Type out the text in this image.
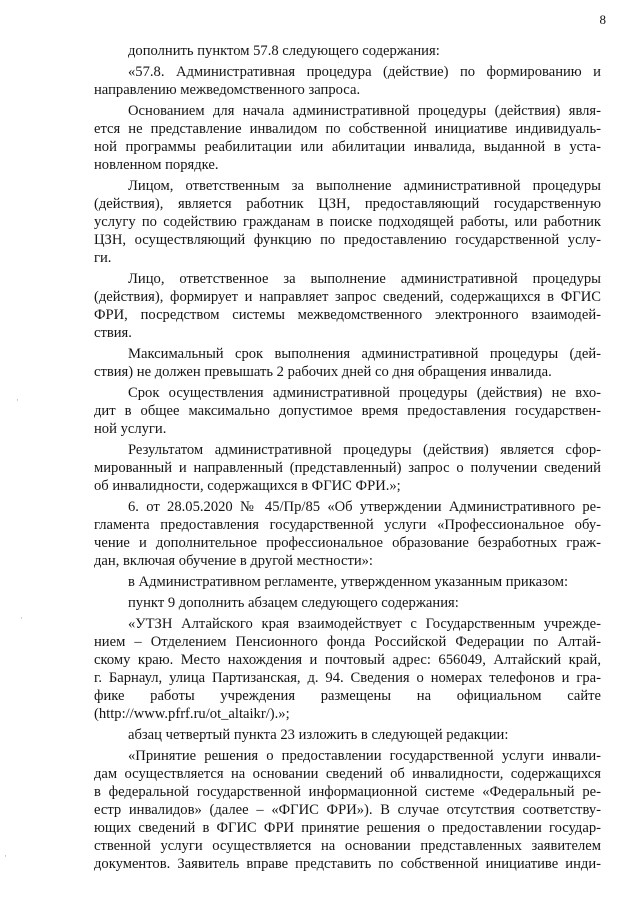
8
дополнить пунктом 57.8 следующего содержания:
«57.8. Административная процедура (действие) по формированию и
направлению межведомственного запроса.
Основанием для начала административной процедуры (действия) явля-
ется не представление инвалидом по собственной инициативе индивидуаль-
ной программы реабилитации или абилитации инвалида, выданной в уста-
новленном порядке.
Лицом, ответственным за выполнение административной процедуры
(действия), является работник ЦЗН, предоставляющий государственную
услугу по содействию гражданам в поиске подходящей работы, или работник
ЦЗН, осуществляющий функцию по предоставлению государственной услу-
ги.
Лицо, ответственное за выполнение административной процедуры
(действия), формирует и направляет запрос сведений, содержащихся в ФГИС
ФРИ, посредством системы межведомственного электронного взаимодей-
ствия.
Максимальный срок выполнения административной процедуры (дей-
ствия) не должен превышать 2 рабочих дней со дня обращения инвалида.
Срок осуществления административной процедуры (действия) не вхо-
дит в общее максимально допустимое время предоставления государствен-
ной услуги.
Результатом административной процедуры (действия) является сфор-
мированный и направленный (представленный) запрос о получении сведений
об инвалидности, содержащихся в ФГИС ФРИ.»;
6. от 28.05.2020 № 45/Пр/85 «Об утверждении Административного ре-
гламента предоставления государственной услуги «Профессиональное обу-
чение и дополнительное профессиональное образование безработных граж-
дан, включая обучение в другой местности»:
в Административном регламенте, утвержденном указанным приказом:
пункт 9 дополнить абзацем следующего содержания:
«УТЗН Алтайского края взаимодействует с Государственным учрежде-
нием – Отделением Пенсионного фонда Российской Федерации по Алтай-
скому краю. Место нахождения и почтовый адрес: 656049, Алтайский край,
г. Барнаул, улица Партизанская, д. 94. Сведения о номерах телефонов и гра-
фике работы учреждения размещены на официальном сайте
(http://www.pfrf.ru/ot_altaikr/).»;
абзац четвертый пункта 23 изложить в следующей редакции:
«Принятие решения о предоставлении государственной услуги инвали-
дам осуществляется на основании сведений об инвалидности, содержащихся
в федеральной государственной информационной системе «Федеральный ре-
естр инвалидов» (далее – «ФГИС ФРИ»). В случае отсутствия соответству-
ющих сведений в ФГИС ФРИ принятие решения о предоставлении государ-
ственной услуги осуществляется на основании представленных заявителем
документов. Заявитель вправе представить по собственной инициативе инди-
·
·
·
